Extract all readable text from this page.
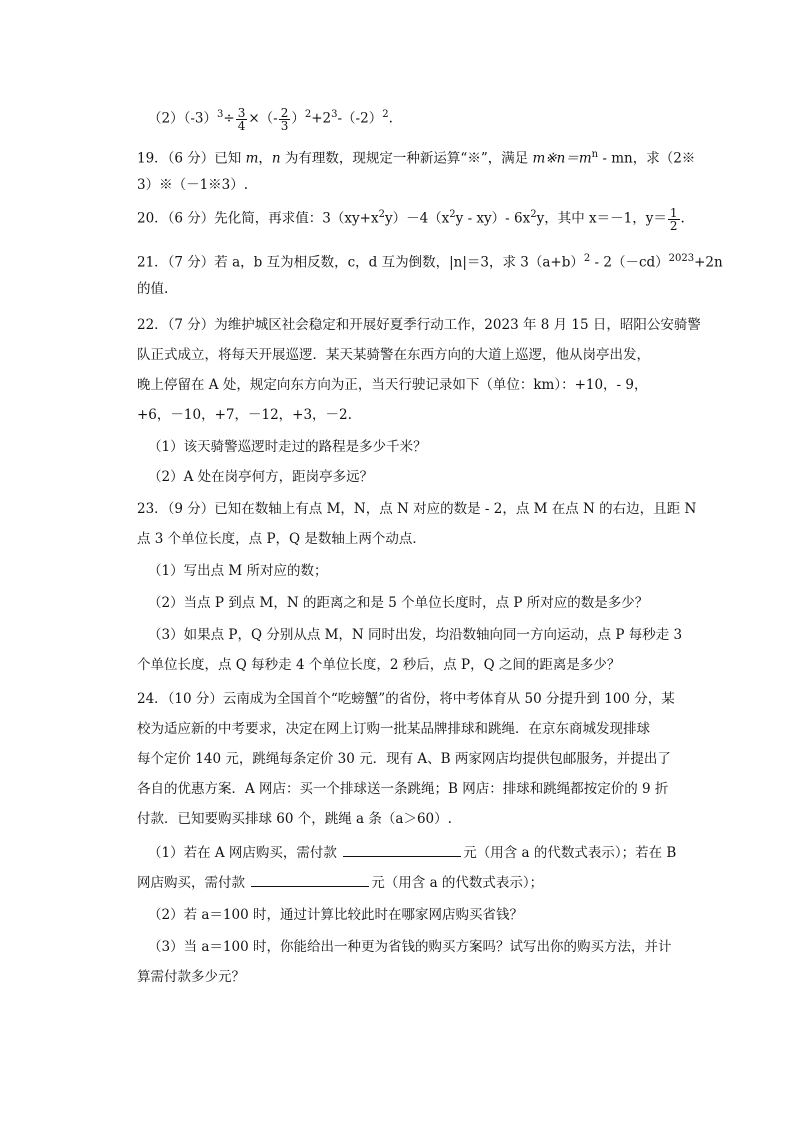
$(2)(-3)^3\div \frac{3}{4}$ ×（- $\frac{2}{3} )^2+2^3-(-2)^2$.
19．（6 分）已知 m，n 为有理数，现规定一种新运算“※”，满足 $m※n=m^n$ - mn，求（2※
3）※（－1※3）.
20．（6 分）先化简，再求值：$3(xy+x^2y)-4(x^2y - xy)-$ $6x^2y$，其中 x＝－1，$y= \frac{1}{2}$ .
21．（7 分）若 a，b 互为相反数，c，d 互为倒数，|n|＝3，求 $3(a+b)^2 - 2(-cd)^{2023}+2n$
的值.
22．（7 分）为维护城区社会稳定和开展好夏季行动工作，2023 年 8 月 15 日，昭阳公安骑警
队正式成立，将每天开展巡逻．某天某骑警在东西方向的大道上巡逻，他从岗亭出发，
晚上停留在 A 处，规定向东方向为正，当天行驶记录如下（单位：km）：+10，- 9，
+6，－10，+7，－12，+3，－2.
（1）该天骑警巡逻时走过的路程是多少千米？
（2）A 处在岗亭何方，距岗亭多远？
23．（9 分）已知在数轴上有点 M，N，点 N 对应的数是 - 2，点 M 在点 N 的右边，且距 N
点 3 个单位长度，点 P，Q 是数轴上两个动点．
（1）写出点 M 所对应的数；
（2）当点 P 到点 M，N 的距离之和是 5 个单位长度时，点 P 所对应的数是多少？
（3）如果点 P，Q 分别从点 M，N 同时出发，均沿数轴向同一方向运动，点 P 每秒走 3
个单位长度，点 Q 每秒走 4 个单位长度，2 秒后，点 P，Q 之间的距离是多少？
24．（10 分）云南成为全国首个“吃螃蟹”的省份，将中考体育从 50 分提升到 100 分，某
校为适应新的中考要求，决定在网上订购一批某品牌排球和跳绳．在京东商城发现排球
每个定价 140 元，跳绳每条定价 30 元．现有 A、B 两家网店均提供包邮服务，并提出了
各自的优惠方案．A 网店：买一个排球送一条跳绳；B 网店：排球和跳绳都按定价的 9 折
付款．已知要购买排球 60 个，跳绳 a 条（a＞60）.
（1）若在 A 网店购买，需付款	元（用含 a 的代数式表示）；若在 B
网店购买，需付款	元（用含 a 的代数式表示）；
（2）若 a＝100 时，通过计算比较此时在哪家网店购买省钱？
（3）当 a＝100 时，你能给出一种更为省钱的购买方案吗？试写出你的购买方法，并计
算需付款多少元？
